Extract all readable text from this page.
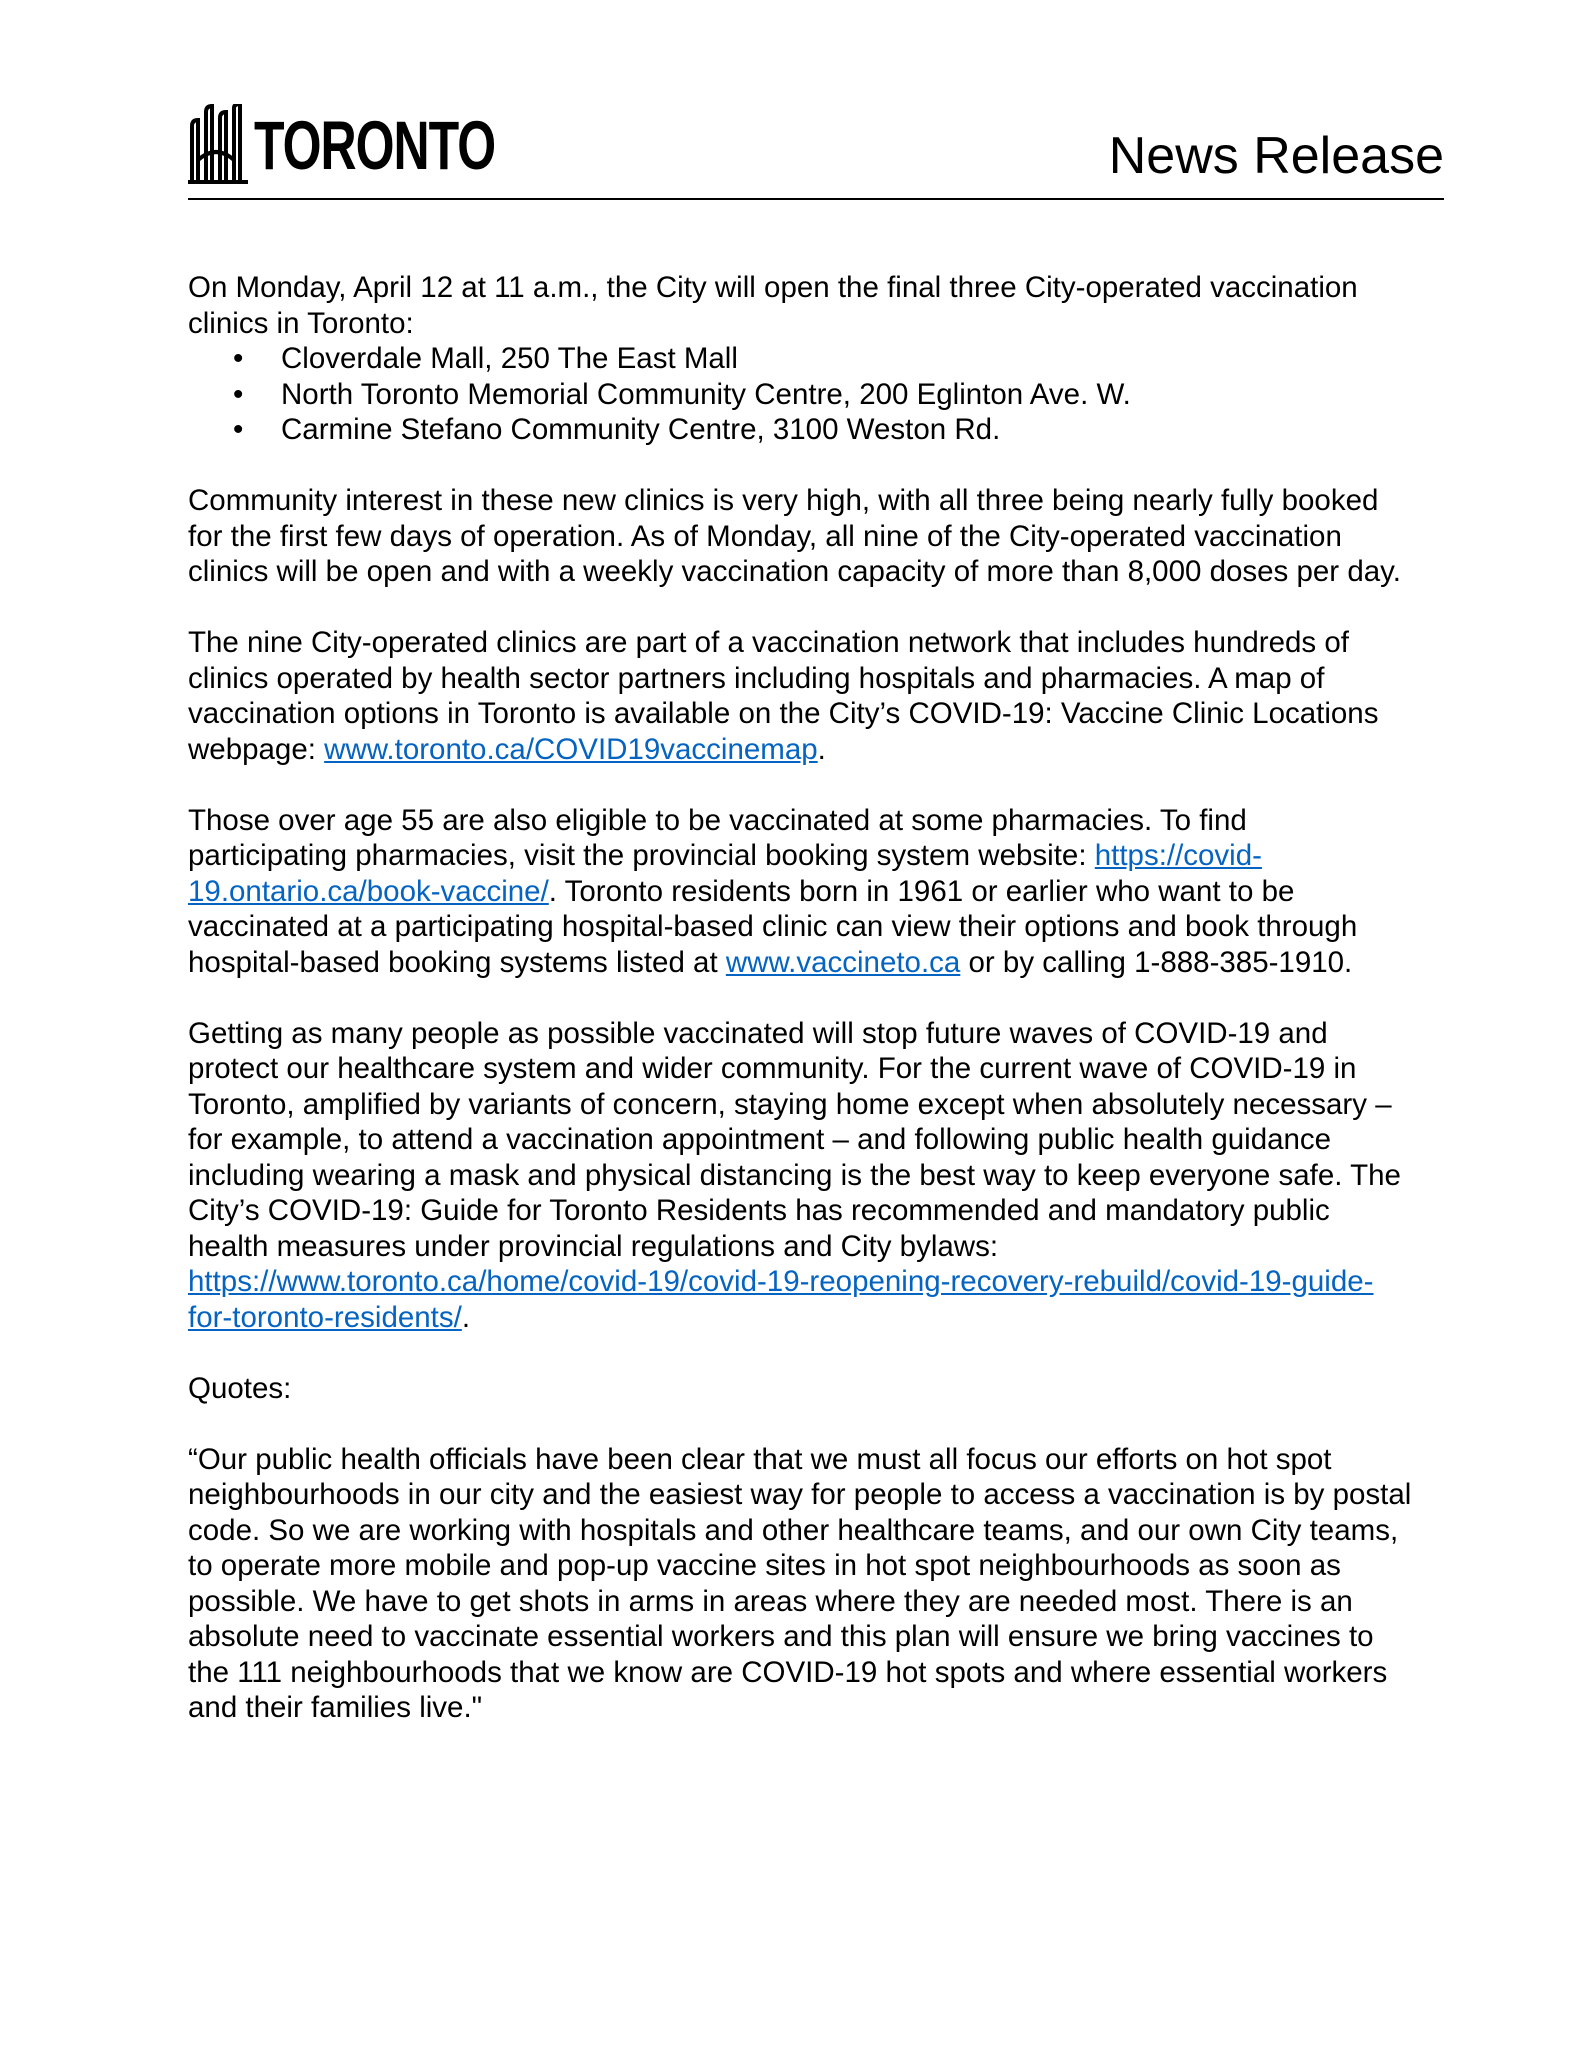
TORONTO	News Release

On Monday, April 12 at 11 a.m., the City will open the final three City-operated vaccination clinics in Toronto:

• Cloverdale Mall, 250 The East Mall
• North Toronto Memorial Community Centre, 200 Eglinton Ave. W.
• Carmine Stefano Community Centre, 3100 Weston Rd.

Community interest in these new clinics is very high, with all three being nearly fully booked for the first few days of operation. As of Monday, all nine of the City-operated vaccination clinics will be open and with a weekly vaccination capacity of more than 8,000 doses per day.

The nine City-operated clinics are part of a vaccination network that includes hundreds of clinics operated by health sector partners including hospitals and pharmacies. A map of vaccination options in Toronto is available on the City’s COVID-19: Vaccine Clinic Locations webpage: www.toronto.ca/COVID19vaccinemap.

Those over age 55 are also eligible to be vaccinated at some pharmacies. To find participating pharmacies, visit the provincial booking system website: https://covid-19.ontario.ca/book-vaccine/. Toronto residents born in 1961 or earlier who want to be vaccinated at a participating hospital-based clinic can view their options and book through hospital-based booking systems listed at www.vaccineto.ca or by calling 1-888-385-1910.

Getting as many people as possible vaccinated will stop future waves of COVID-19 and protect our healthcare system and wider community. For the current wave of COVID-19 in Toronto, amplified by variants of concern, staying home except when absolutely necessary – for example, to attend a vaccination appointment – and following public health guidance including wearing a mask and physical distancing is the best way to keep everyone safe. The City’s COVID-19: Guide for Toronto Residents has recommended and mandatory public health measures under provincial regulations and City bylaws: https://www.toronto.ca/home/covid-19/covid-19-reopening-recovery-rebuild/covid-19-guide-for-toronto-residents/.

Quotes:

“Our public health officials have been clear that we must all focus our efforts on hot spot neighbourhoods in our city and the easiest way for people to access a vaccination is by postal code. So we are working with hospitals and other healthcare teams, and our own City teams, to operate more mobile and pop-up vaccine sites in hot spot neighbourhoods as soon as possible. We have to get shots in arms in areas where they are needed most. There is an absolute need to vaccinate essential workers and this plan will ensure we bring vaccines to the 111 neighbourhoods that we know are COVID-19 hot spots and where essential workers and their families live."
